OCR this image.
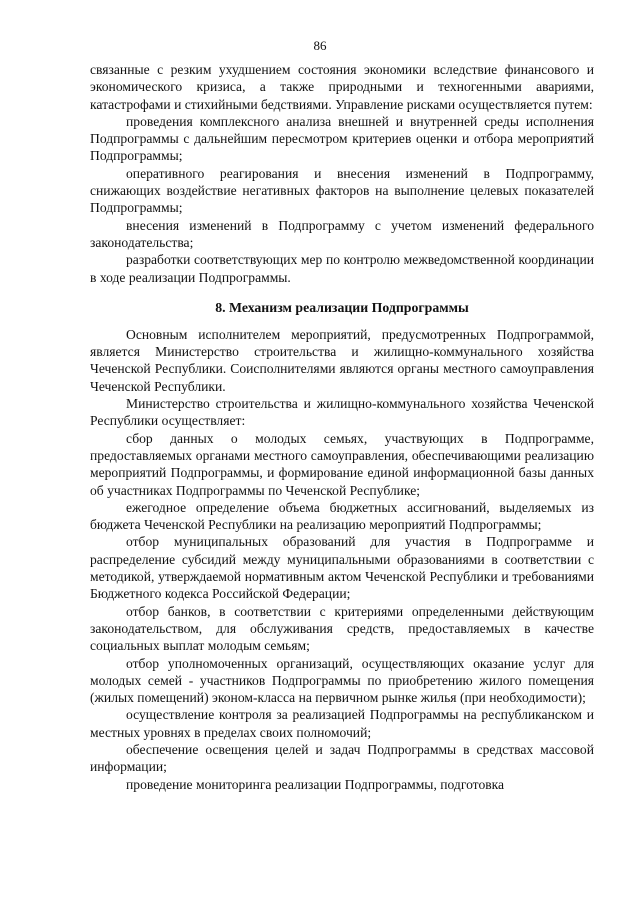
86

связанные с резким ухудшением состояния экономики вследствие финансового и экономического кризиса, а также природными и техногенными авариями, катастрофами и стихийными бедствиями. Управление рисками осуществляется путем:

проведения комплексного анализа внешней и внутренней среды исполнения Подпрограммы с дальнейшим пересмотром критериев оценки и отбора мероприятий Подпрограммы;

оперативного реагирования и внесения изменений в Подпрограмму, снижающих воздействие негативных факторов на выполнение целевых показателей Подпрограммы;

внесения изменений в Подпрограмму с учетом изменений федерального законодательства;

разработки соответствующих мер по контролю межведомственной координации в ходе реализации Подпрограммы.

8. Механизм реализации Подпрограммы

Основным исполнителем мероприятий, предусмотренных Подпрограммой, является Министерство строительства и жилищно-коммунального хозяйства Чеченской Республики. Соисполнителями являются органы местного самоуправления Чеченской Республики.

Министерство строительства и жилищно-коммунального хозяйства Чеченской Республики осуществляет:

сбор данных о молодых семьях, участвующих в Подпрограмме, предоставляемых органами местного самоуправления, обеспечивающими реализацию мероприятий Подпрограммы, и формирование единой информационной базы данных об участниках Подпрограммы по Чеченской Республике;

ежегодное определение объема бюджетных ассигнований, выделяемых из бюджета Чеченской Республики на реализацию мероприятий Подпрограммы;

отбор муниципальных образований для участия в Подпрограмме и распределение субсидий между муниципальными образованиями в соответствии с методикой, утверждаемой нормативным актом Чеченской Республики и требованиями Бюджетного кодекса Российской Федерации;

отбор банков, в соответствии с критериями определенными действующим законодательством, для обслуживания средств, предоставляемых в качестве социальных выплат молодым семьям;

отбор уполномоченных организаций, осуществляющих оказание услуг для молодых семей - участников Подпрограммы по приобретению жилого помещения (жилых помещений) эконом-класса на первичном рынке жилья (при необходимости);

осуществление контроля за реализацией Подпрограммы на республиканском и местных уровнях в пределах своих полномочий;

обеспечение освещения целей и задач Подпрограммы в средствах массовой информации;

проведение мониторинга реализации Подпрограммы, подготовка
